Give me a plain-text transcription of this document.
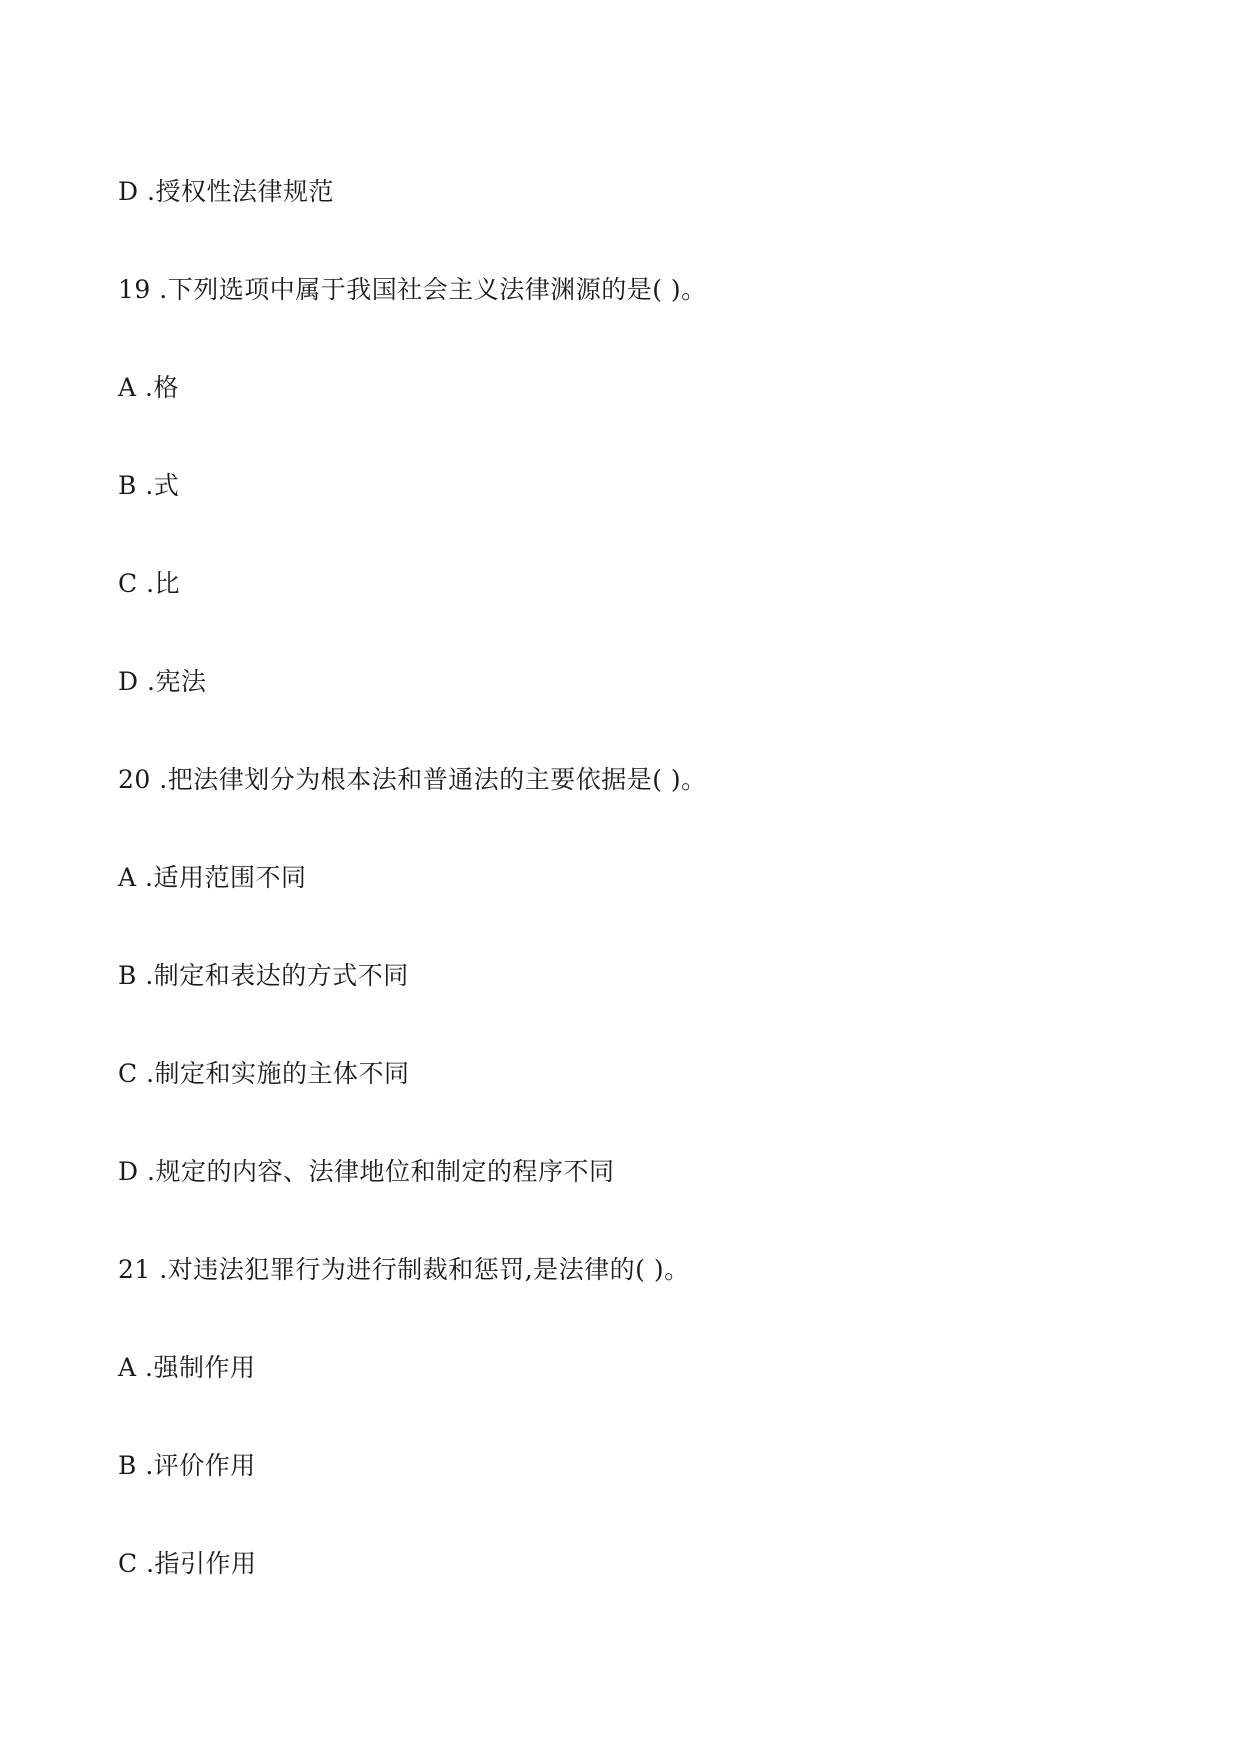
D .授权性法律规范
19 .下列选项中属于我国社会主义法律渊源的是( )。
A .格
B .式
C .比
D .宪法
20 .把法律划分为根本法和普通法的主要依据是( )。
A .适用范围不同
B .制定和表达的方式不同
C .制定和实施的主体不同
D .规定的内容、法律地位和制定的程序不同
21 .对违法犯罪行为进行制裁和惩罚,是法律的( )。
A .强制作用
B .评价作用
C .指引作用
